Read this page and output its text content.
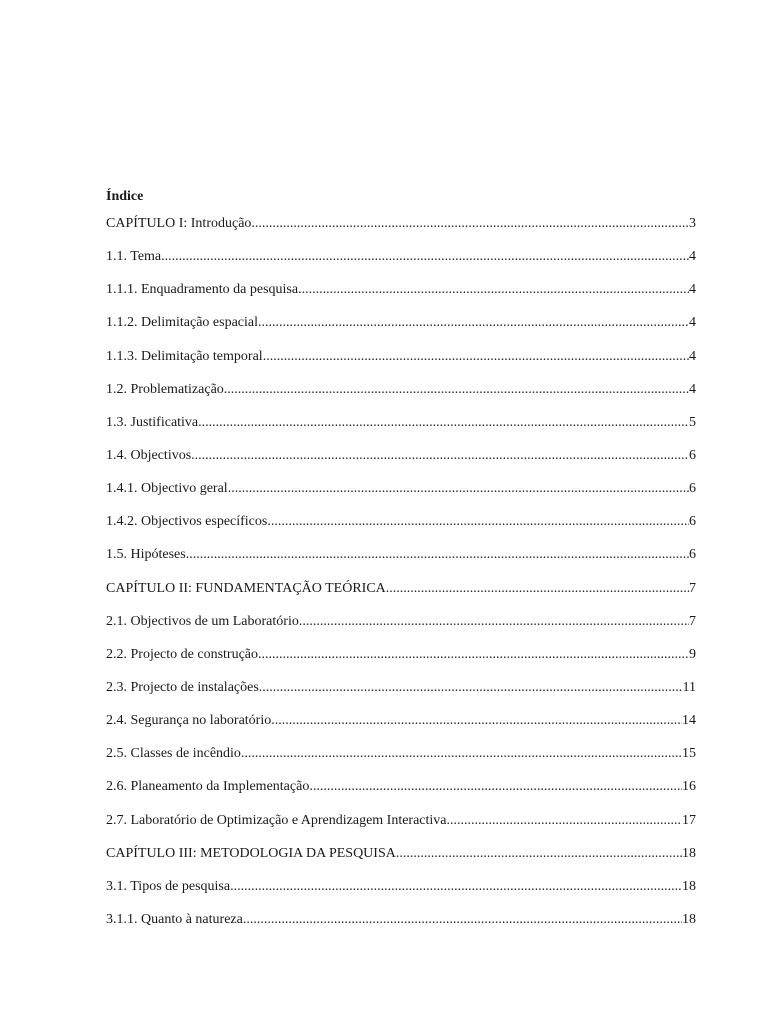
Índice
CAPÍTULO I: Introdução .....	3
1.1. Tema .....	4
1.1.1. Enquadramento da pesquisa .....	4
1.1.2. Delimitação espacial .....	4
1.1.3. Delimitação temporal .....	4
1.2. Problematização .....	4
1.3. Justificativa .....	5
1.4. Objectivos .....	6
1.4.1. Objectivo geral .....	6
1.4.2. Objectivos específicos .....	6
1.5. Hipóteses .....	6
CAPÍTULO II: FUNDAMENTAÇÃO TEÓRICA .....	7
2.1. Objectivos de um Laboratório .....	7
2.2. Projecto de construção .....	9
2.3. Projecto de instalações .....	11
2.4. Segurança no laboratório .....	14
2.5. Classes de incêndio .....	15
2.6. Planeamento da Implementação .....	16
2.7. Laboratório de Optimização e Aprendizagem Interactiva .....	17
CAPÍTULO III: METODOLOGIA DA PESQUISA .....	18
3.1. Tipos de pesquisa .....	18
3.1.1. Quanto à natureza .....	18
